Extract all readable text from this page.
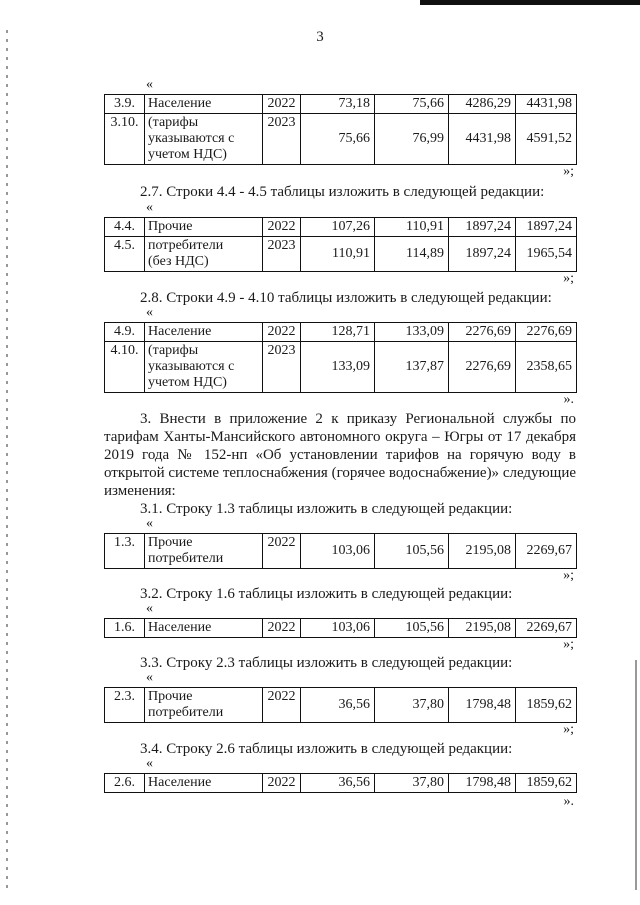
3
«
3.9.	Население	2022	73,18	75,66	4286,29	4431,98
3.10.	(тарифы
указываются с
учетом НДС)	2023	75,66	76,99	4431,98	4591,52
»;
2.7. Строки 4.4 - 4.5 таблицы изложить в следующей редакции:
«
4.4.	Прочие	2022	107,26	110,91	1897,24	1897,24
4.5.	потребители
(без НДС)	2023	110,91	114,89	1897,24	1965,54
»;
2.8. Строки 4.9 - 4.10 таблицы изложить в следующей редакции:
«
4.9.	Население	2022	128,71	133,09	2276,69	2276,69
4.10.	(тарифы
указываются с
учетом НДС)	2023	133,09	137,87	2276,69	2358,65
».
3. Внести в приложение 2 к приказу Региональной службы по
тарифам Ханты-Мансийского автономного округа – Югры от 17 декабря
2019 года № 152-нп «Об установлении тарифов на горячую воду в
открытой системе теплоснабжения (горячее водоснабжение)» следующие
изменения:
3.1. Строку 1.3 таблицы изложить в следующей редакции:
«
1.3.	Прочие
потребители
	2022	103,06	105,56	2195,08	2269,67
»;
3.2. Строку 1.6 таблицы изложить в следующей редакции:
«
1.6.	Население	2022	103,06	105,56	2195,08	2269,67
»;
3.3. Строку 2.3 таблицы изложить в следующей редакции:
«
2.3.	Прочие
потребители
	2022	36,56	37,80	1798,48	1859,62
»;
3.4. Строку 2.6 таблицы изложить в следующей редакции:
«
2.6.	Население	2022	36,56	37,80	1798,48	1859,62
».
